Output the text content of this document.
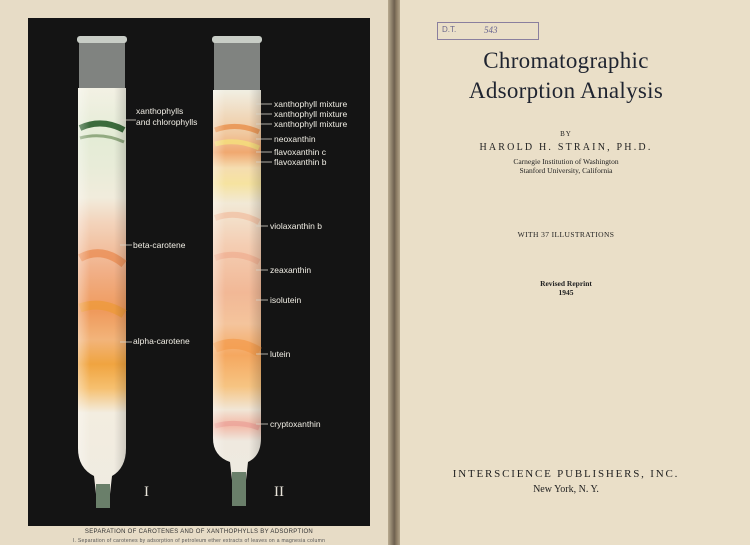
xanthophylls
and chlorophylls
beta-carotene
alpha-carotene
xanthophyll mixture
xanthophyll mixture
xanthophyll mixture
neoxanthin
flavoxanthin c
flavoxanthin b
violaxanthin b
zeaxanthin
isolutein
lutein
cryptoxanthin
I	II
SEPARATION OF CAROTENES AND OF XANTHOPHYLLS BY ADSORPTION
I. Separation of carotenes by adsorption of petroleum ether extracts of leaves on a magnesia column
D.T.	543
Chromatographic
Adsorption Analysis
BY
HAROLD H. STRAIN, PH.D.
Carnegie Institution of Washington
Stanford University, California
WITH 37 ILLUSTRATIONS
Revised Reprint
1945
INTERSCIENCE PUBLISHERS, INC.
New York, N. Y.
